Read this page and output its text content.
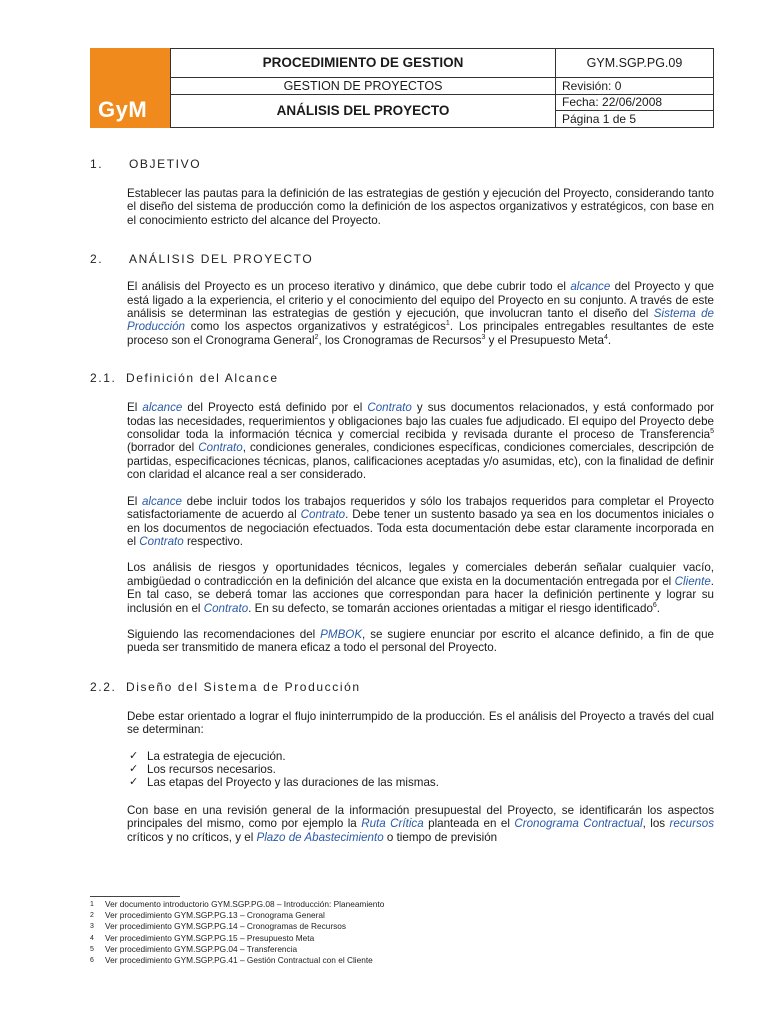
GyM
PROCEDIMIENTO DE GESTION	GYM.SGP.PG.09
GESTION DE PROYECTOS	Revisión: 0
ANÁLISIS DEL PROYECTO	Fecha: 22/06/2008
	Página 1 de 5
1. OBJETIVO

Establecer las pautas para la definición de las estrategias de gestión y ejecución del Proyecto, considerando tanto el diseño del sistema de producción como la definición de los aspectos organizativos y estratégicos, con base en el conocimiento estricto del alcance del Proyecto.

2. ANÁLISIS DEL PROYECTO

El análisis del Proyecto es un proceso iterativo y dinámico, que debe cubrir todo el alcance del Proyecto y que está ligado a la experiencia, el criterio y el conocimiento del equipo del Proyecto en su conjunto. A través de este análisis se determinan las estrategias de gestión y ejecución, que involucran tanto el diseño del Sistema de Producción como los aspectos organizativos y estratégicos$^1$. Los principales entregables resultantes de este proceso son el Cronograma General$^2$, los Cronogramas de Recursos$^3$ y el Presupuesto Meta$^4$.

2.1. Definición del Alcance

El alcance del Proyecto está definido por el Contrato y sus documentos relacionados, y está conformado por todas las necesidades, requerimientos y obligaciones bajo las cuales fue adjudicado. El equipo del Proyecto debe consolidar toda la información técnica y comercial recibida y revisada durante el proceso de Transferencia$^5$ (borrador del Contrato, condiciones generales, condiciones específicas, condiciones comerciales, descripción de partidas, especificaciones técnicas, planos, calificaciones aceptadas y/o asumidas, etc), con la finalidad de definir con claridad el alcance real a ser considerado.

El alcance debe incluir todos los trabajos requeridos y sólo los trabajos requeridos para completar el Proyecto satisfactoriamente de acuerdo al Contrato. Debe tener un sustento basado ya sea en los documentos iniciales o en los documentos de negociación efectuados. Toda esta documentación debe estar claramente incorporada en el Contrato respectivo.

Los análisis de riesgos y oportunidades técnicos, legales y comerciales deberán señalar cualquier vacío, ambigüedad o contradicción en la definición del alcance que exista en la documentación entregada por el Cliente. En tal caso, se deberá tomar las acciones que correspondan para hacer la definición pertinente y lograr su inclusión en el Contrato. En su defecto, se tomarán acciones orientadas a mitigar el riesgo identificado$^6$.

Siguiendo las recomendaciones del PMBOK, se sugiere enunciar por escrito el alcance definido, a fin de que pueda ser transmitido de manera eficaz a todo el personal del Proyecto.

2.2. Diseño del Sistema de Producción

Debe estar orientado a lograr el flujo ininterrumpido de la producción. Es el análisis del Proyecto a través del cual se determinan:

✓ La estrategia de ejecución.
✓ Los recursos necesarios.
✓ Las etapas del Proyecto y las duraciones de las mismas.

Con base en una revisión general de la información presupuestal del Proyecto, se identificarán los aspectos principales del mismo, como por ejemplo la Ruta Crítica planteada en el Cronograma Contractual, los recursos críticos y no críticos, y el Plazo de Abastecimiento o tiempo de previsión

1	Ver documento introductorio GYM.SGP.PG.08 – Introducción: Planeamiento
2	Ver procedimiento GYM.SGP.PG.13 – Cronograma General
3	Ver procedimiento GYM.SGP.PG.14 – Cronogramas de Recursos
4	Ver procedimiento GYM.SGP.PG.15 – Presupuesto Meta
5	Ver procedimiento GYM.SGP.PG.04 – Transferencia
6	Ver procedimiento GYM.SGP.PG.41 – Gestión Contractual con el Cliente
